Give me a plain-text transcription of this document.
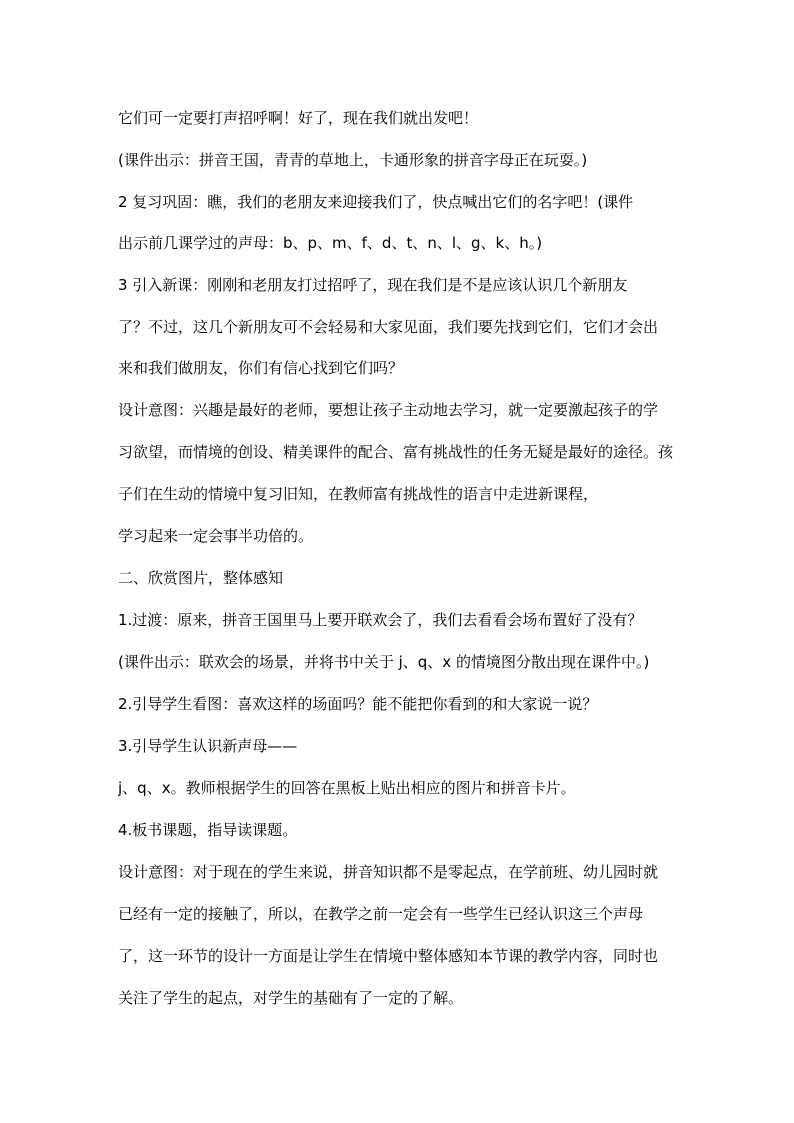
它们可一定要打声招呼啊！好了，现在我们就出发吧！
(课件出示：拼音王国，青青的草地上，卡通形象的拼音字母正在玩耍。)
2 复习巩固：瞧，我们的老朋友来迎接我们了，快点喊出它们的名字吧！(课件
出示前几课学过的声母：b、p、m、f、d、t、n、l、g、k、h。)
3 引入新课：刚刚和老朋友打过招呼了，现在我们是不是应该认识几个新朋友
了？不过，这几个新朋友可不会轻易和大家见面，我们要先找到它们，它们才会出
来和我们做朋友，你们有信心找到它们吗？
设计意图：兴趣是最好的老师，要想让孩子主动地去学习，就一定要激起孩子的学
习欲望，而情境的创设、精美课件的配合、富有挑战性的任务无疑是最好的途径。孩
子们在生动的情境中复习旧知，在教师富有挑战性的语言中走进新课程，
学习起来一定会事半功倍的。
二、欣赏图片，整体感知
1.过渡：原来，拼音王国里马上要开联欢会了，我们去看看会场布置好了没有？
(课件出示：联欢会的场景，并将书中关于 j、q、x 的情境图分散出现在课件中。)
2.引导学生看图：喜欢这样的场面吗？能不能把你看到的和大家说一说？
3.引导学生认识新声母——
j、q、x。教师根据学生的回答在黑板上贴出相应的图片和拼音卡片。
4.板书课题，指导读课题。
设计意图：对于现在的学生来说，拼音知识都不是零起点，在学前班、幼儿园时就
已经有一定的接触了，所以，在教学之前一定会有一些学生已经认识这三个声母
了，这一环节的设计一方面是让学生在情境中整体感知本节课的教学内容，同时也
关注了学生的起点，对学生的基础有了一定的了解。
